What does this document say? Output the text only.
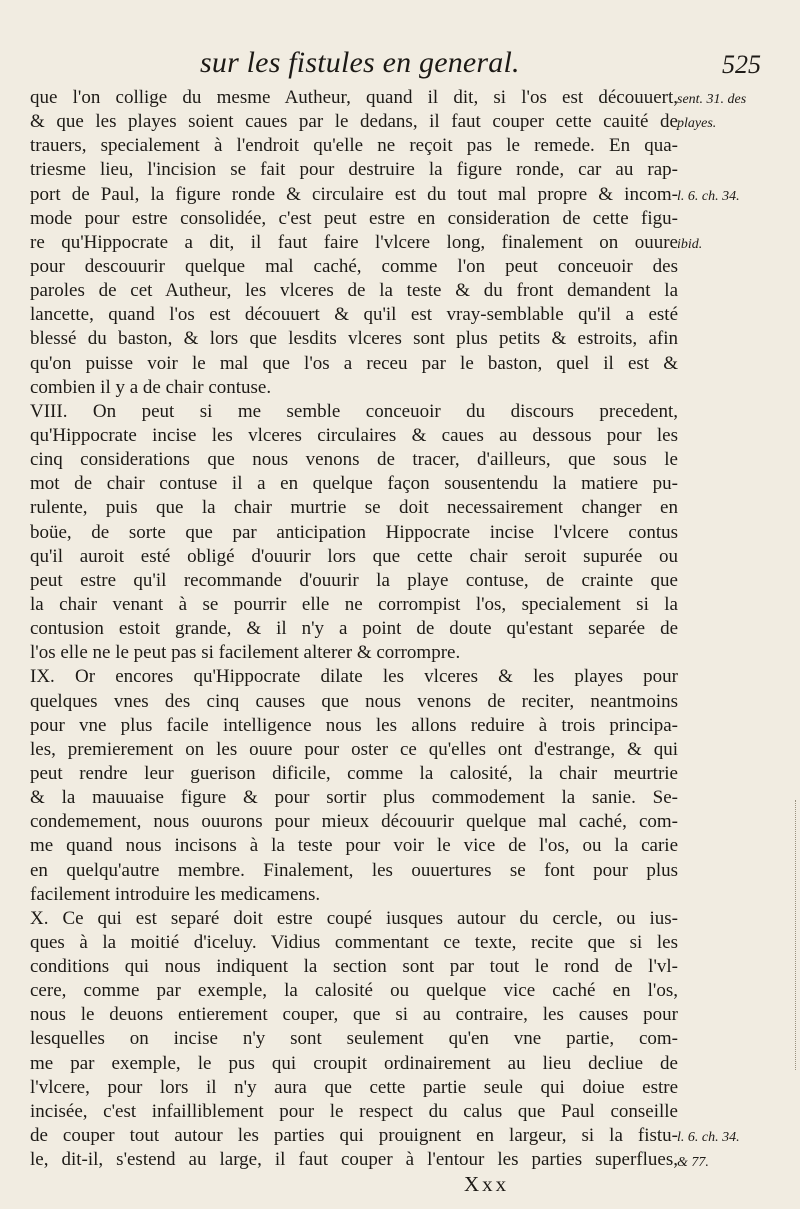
sur les fistules en general.	525
que l'on collige du mesme Autheur, quand il dit, si l'os est découuert,
& que les playes soient caues par le dedans, il faut couper cette cauité de
trauers, specialement à l'endroit qu'elle ne reçoit pas le remede. En qua-
triesme lieu, l'incision se fait pour destruire la figure ronde, car au rap-
port de Paul, la figure ronde & circulaire est du tout mal propre & incom-
mode pour estre consolidée, c'est peut estre en consideration de cette figu-
re qu'Hippocrate a dit, il faut faire l'vlcere long, finalement on ouure
pour descouurir quelque mal caché, comme l'on peut conceuoir des
paroles de cet Autheur, les vlceres de la teste & du front demandent la
lancette, quand l'os est découuert & qu'il est vray-semblable qu'il a esté
blessé du baston, & lors que lesdits vlceres sont plus petits & estroits, afin
qu'on puisse voir le mal que l'os a receu par le baston, quel il est &
combien il y a de chair contuse.
VIII. On peut si me semble conceuoir du discours precedent,
qu'Hippocrate incise les vlceres circulaires & caues au dessous pour les
cinq considerations que nous venons de tracer, d'ailleurs, que sous le
mot de chair contuse il a en quelque façon sousentendu la matiere pu-
rulente, puis que la chair murtrie se doit necessairement changer en
boüe, de sorte que par anticipation Hippocrate incise l'vlcere contus
qu'il auroit esté obligé d'ouurir lors que cette chair seroit supurée ou
peut estre qu'il recommande d'ouurir la playe contuse, de crainte que
la chair venant à se pourrir elle ne corrompist l'os, specialement si la
contusion estoit grande, & il n'y a point de doute qu'estant separée de
l'os elle ne le peut pas si facilement alterer & corrompre.
IX. Or encores qu'Hippocrate dilate les vlceres & les playes pour
quelques vnes des cinq causes que nous venons de reciter, neantmoins
pour vne plus facile intelligence nous les allons reduire à trois principa-
les, premierement on les ouure pour oster ce qu'elles ont d'estrange, & qui
peut rendre leur guerison dificile, comme la calosité, la chair meurtrie
& la mauuaise figure & pour sortir plus commodement la sanie. Se-
condemement, nous ouurons pour mieux découurir quelque mal caché, com-
me quand nous incisons à la teste pour voir le vice de l'os, ou la carie
en quelqu'autre membre. Finalement, les ouuertures se font pour plus
facilement introduire les medicamens.
X. Ce qui est separé doit estre coupé iusques autour du cercle, ou ius-
ques à la moitié d'iceluy. Vidius commentant ce texte, recite que si les
conditions qui nous indiquent la section sont par tout le rond de l'vl-
cere, comme par exemple, la calosité ou quelque vice caché en l'os,
nous le deuons entierement couper, que si au contraire, les causes pour
lesquelles on incise n'y sont seulement qu'en vne partie, com-
me par exemple, le pus qui croupit ordinairement au lieu decliue de
l'vlcere, pour lors il n'y aura que cette partie seule qui doiue estre
incisée, c'est infailliblement pour le respect du calus que Paul conseille
de couper tout autour les parties qui prouignent en largeur, si la fistu-
le, dit-il, s'estend au large, il faut couper à l'entour les parties superflues,
sent. 31. des
playes.
l. 6. ch. 34.
ibid.
l. 6. ch. 34.
& 77.
Xxx
